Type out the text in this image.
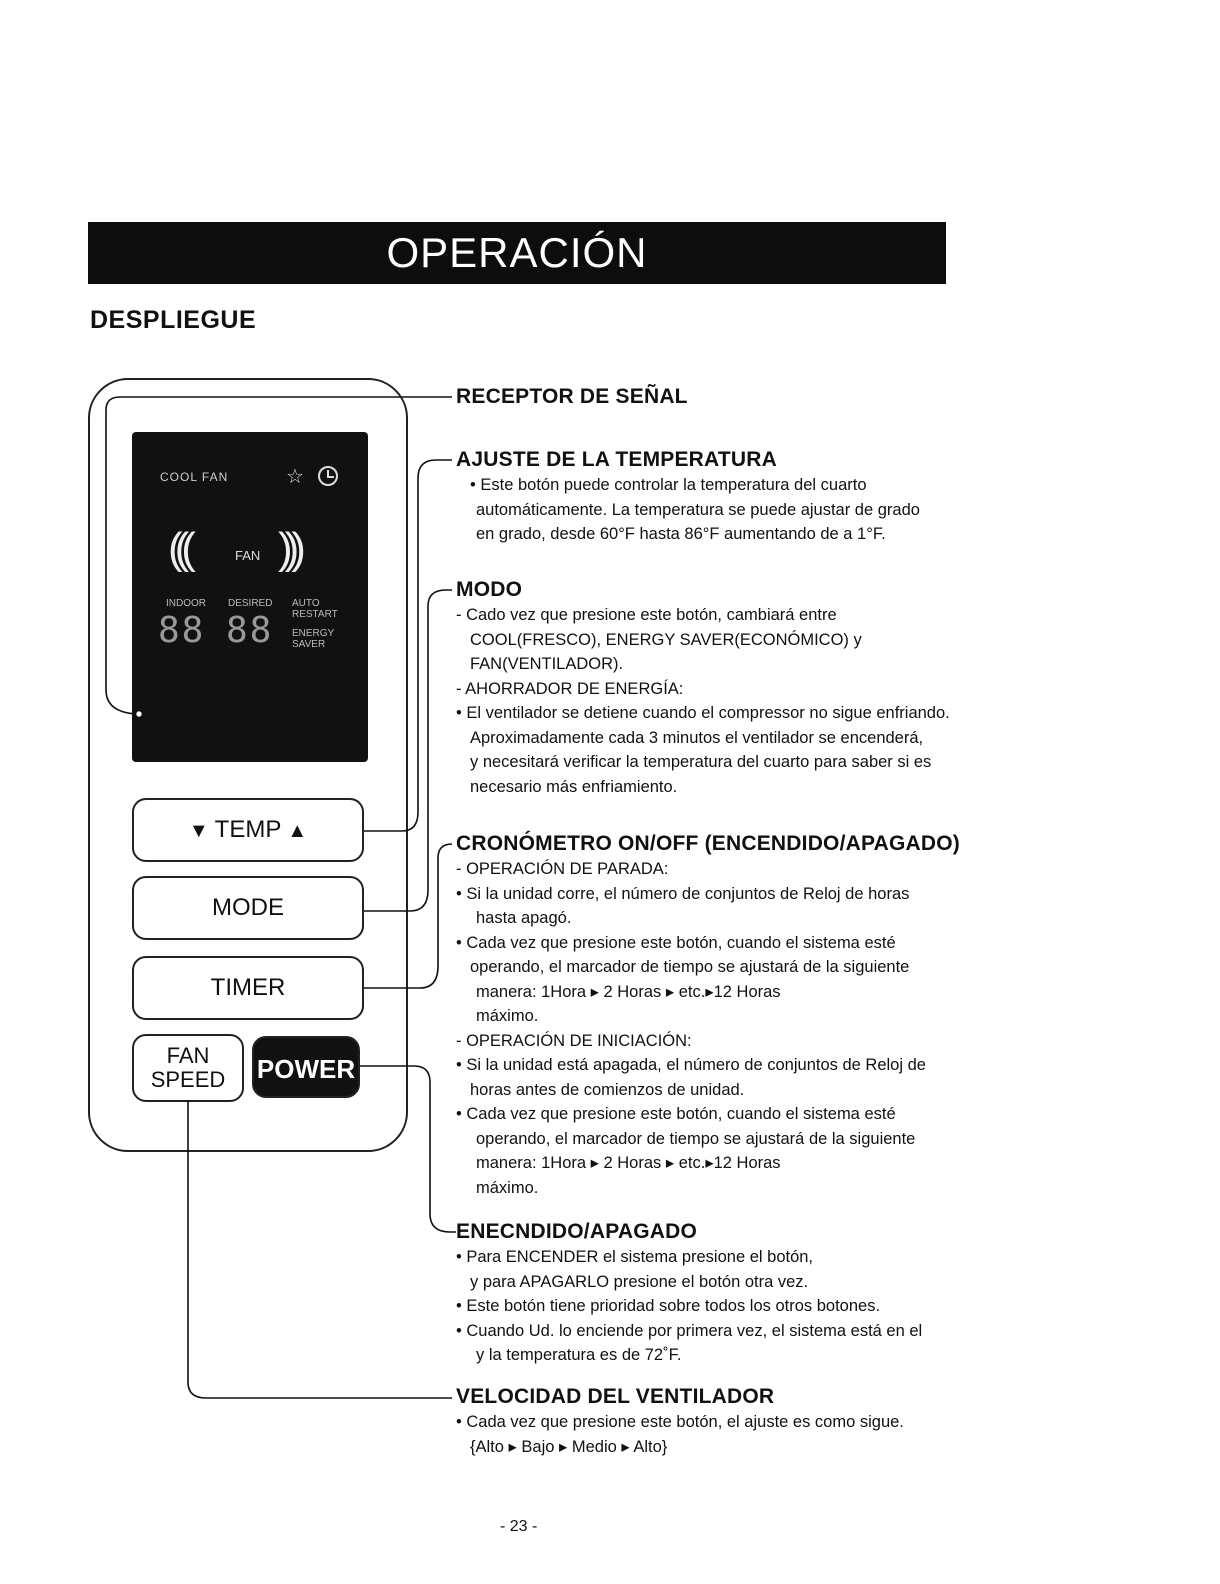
OPERACIÓN
DESPLIEGUE
COOL FAN	☆
(((	FAN )))
INDOOR DESIRED AUTO
RESTART
ENERGY
SAVER
88 88
▼ TEMP ▲
MODE
TIMER
FAN
SPEED	POWER
RECEPTOR DE SEÑAL
AJUSTE DE LA TEMPERATURA

• Este botón puede controlar la temperatura del cuarto

automáticamente. La temperatura se puede ajustar de grado

en grado, desde 60°F hasta 86°F aumentando de a 1°F.

MODO

- Cado vez que presione este botón, cambiará entre

COOL(FRESCO), ENERGY SAVER(ECONÓMICO) y

FAN(VENTILADOR).

- AHORRADOR DE ENERGÍA:

• El ventilador se detiene cuando el compressor no sigue enfriando.

Aproximadamente cada 3 minutos el ventilador se encenderá,

y necesitará verificar la temperatura del cuarto para saber si es

necesario más enfriamiento.

CRONÓMETRO ON/OFF (ENCENDIDO/APAGADO)

- OPERACIÓN DE PARADA:

• Si la unidad corre, el número de conjuntos de Reloj de horas

hasta apagó.

• Cada vez que presione este botón, cuando el sistema esté

operando, el marcador de tiempo se ajustará de la siguiente

manera: 1Hora ▸ 2 Horas ▸ etc.▸12 Horas

máximo.

- OPERACIÓN DE INICIACIÓN:

• Si la unidad está apagada, el número de conjuntos de Reloj de

horas antes de comienzos de unidad.

• Cada vez que presione este botón, cuando el sistema esté

operando, el marcador de tiempo se ajustará de la siguiente

manera: 1Hora ▸ 2 Horas ▸ etc.▸12 Horas

máximo.

ENECNDIDO/APAGADO

• Para ENCENDER el sistema presione el botón,

y para APAGARLO presione el botón otra vez.

• Este botón tiene prioridad sobre todos los otros botones.

• Cuando Ud. lo enciende por primera vez, el sistema está en el

y la temperatura es de 72˚F.

VELOCIDAD DEL VENTILADOR

• Cada vez que presione este botón, el ajuste es como sigue.

{Alto ▸ Bajo ▸ Medio ▸ Alto}

- 23 -
